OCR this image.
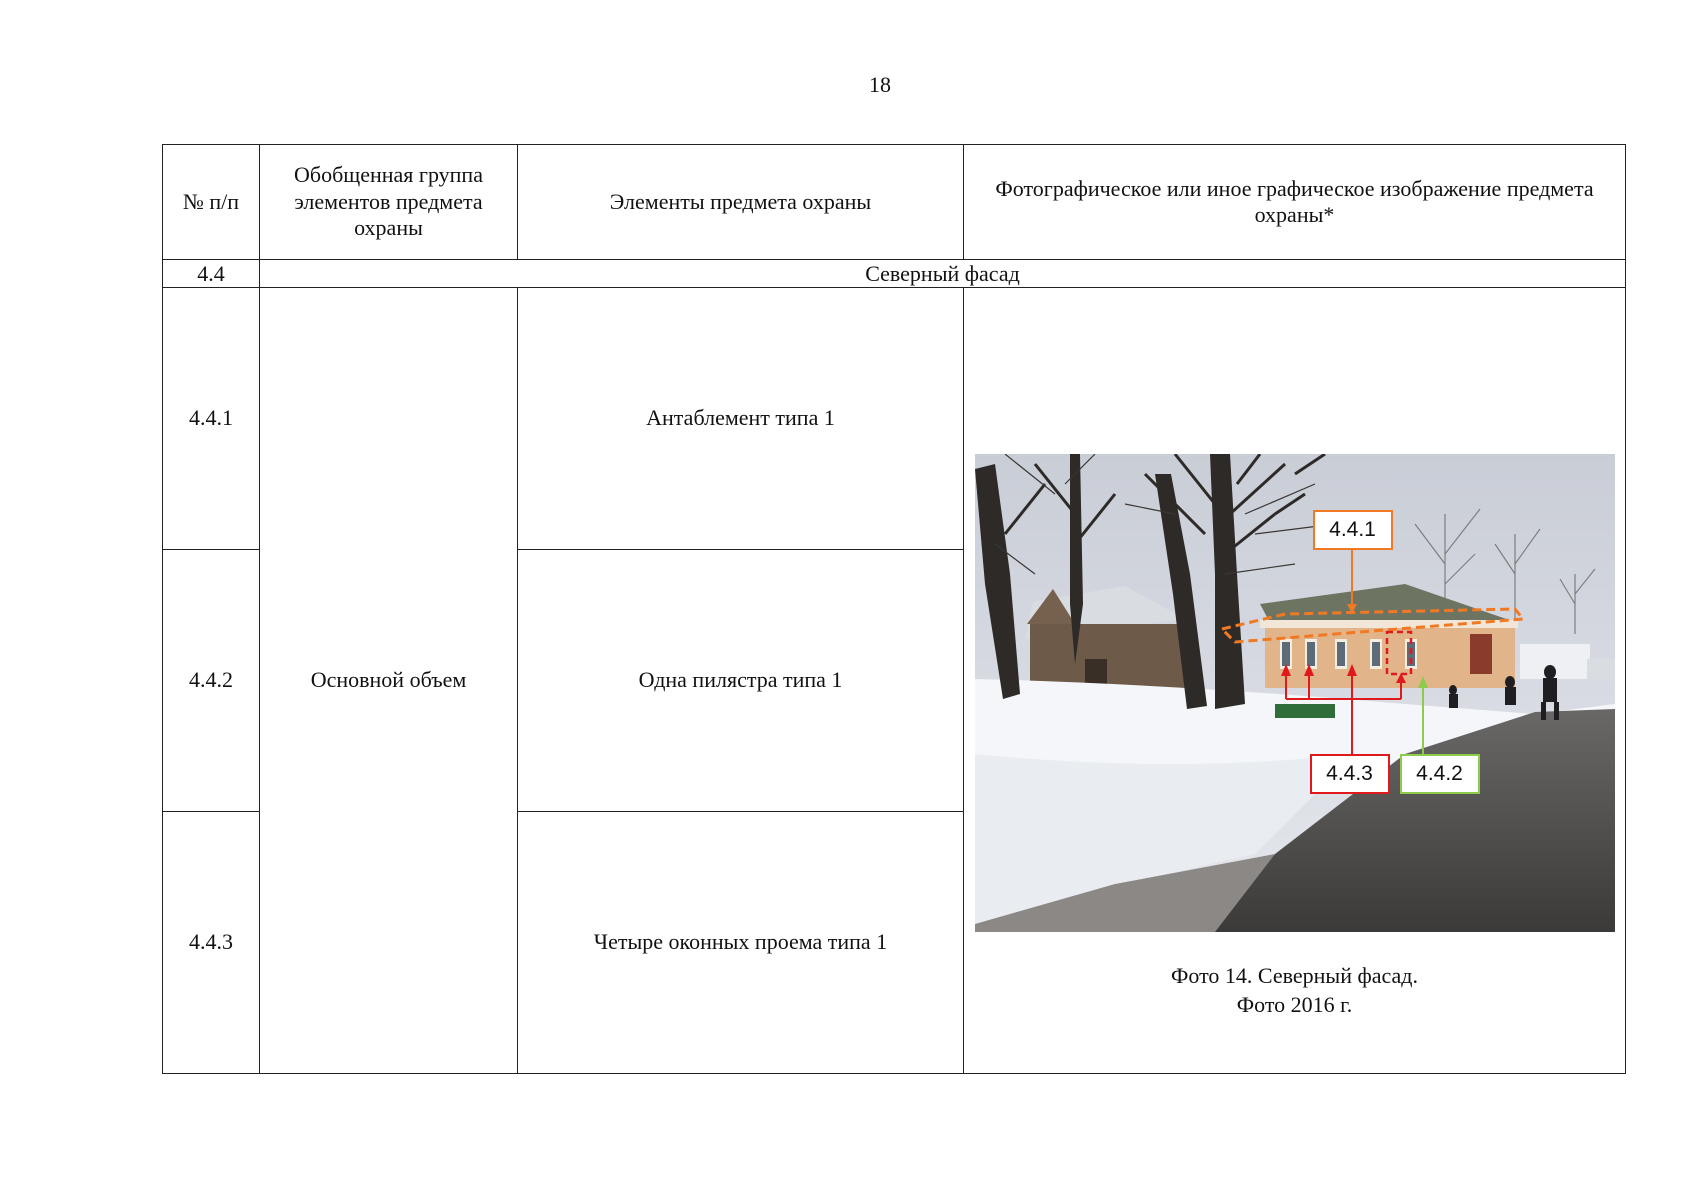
18
№ п/п	Обобщенная группа элементов предмета охраны	Элементы предмета охраны	Фотографическое или иное графическое изображение предмета охраны*
4.4	Северный фасад		
4.4.1	Основной объем	Антаблемент типа 1	4.4.1
4.4.3 4.4.2
Фото 14. Северный фасад.
Фото 2016 г.

4.4.2		Одна пилястра типа 1	
4.4.3		Четыре оконных проема типа 1	
